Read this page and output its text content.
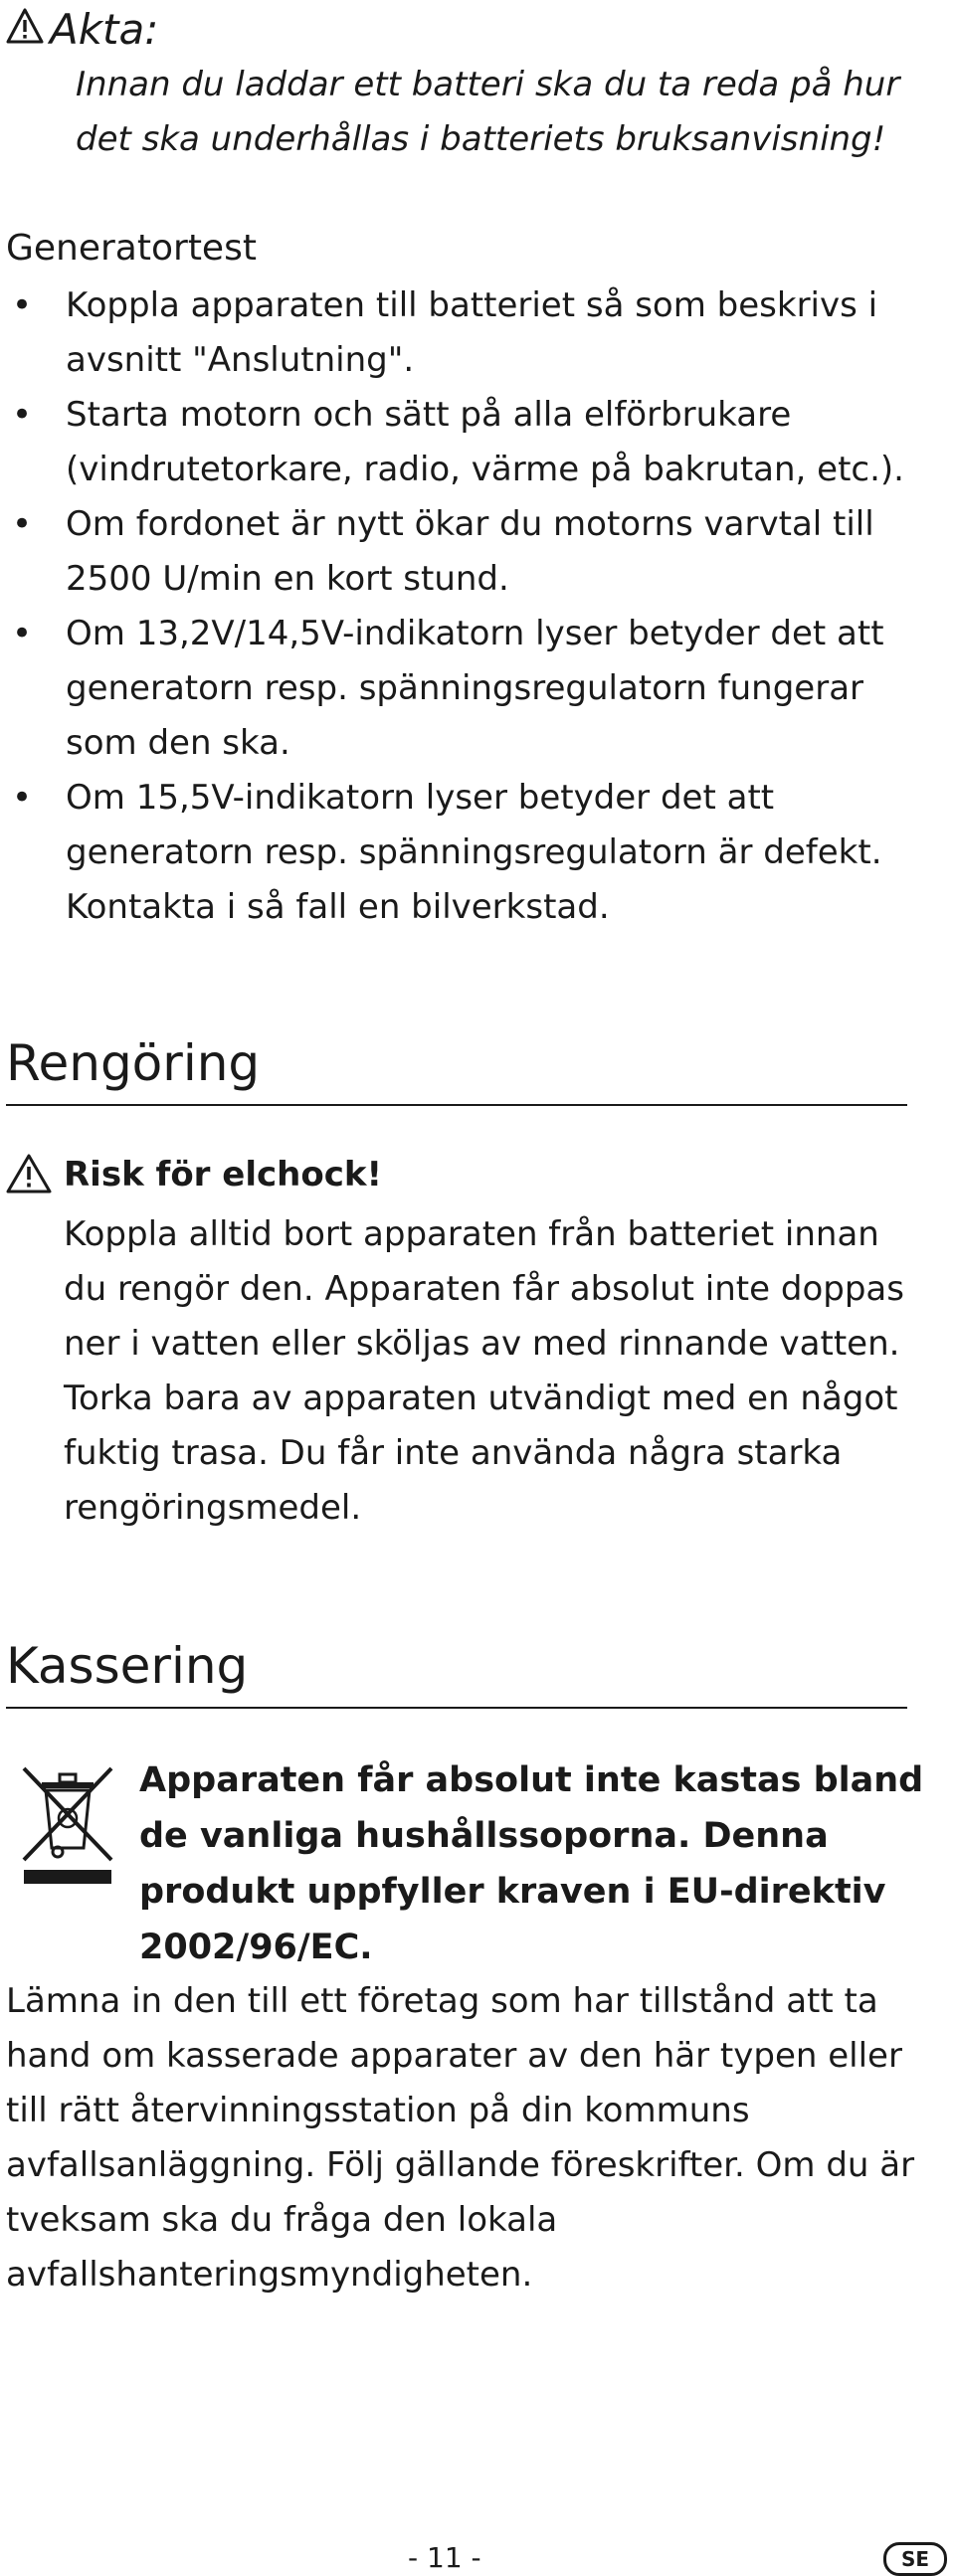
Akta:
Innan du laddar ett batteri ska du ta reda på hur det ska underhållas i batteriets bruksanvisning!
Generatortest
• Koppla apparaten till batteriet så som beskrivs i avsnitt "Anslutning".
• Starta motorn och sätt på alla elförbrukare (vindrutetorkare, radio, värme på bakrutan, etc.).
• Om fordonet är nytt ökar du motorns varvtal till 2500 U/min en kort stund.
• Om 13,2V/14,5V-indikatorn lyser betyder det att generatorn resp. spänningsregulatorn fungerar som den ska.
• Om 15,5V-indikatorn lyser betyder det att generatorn resp. spänningsregulatorn är defekt. Kontakta i så fall en bilverkstad.
Rengöring
Risk för elchock!
Koppla alltid bort apparaten från batteriet innan du rengör den. Apparaten får absolut inte doppas ner i vatten eller sköljas av med rinnande vatten. Torka bara av apparaten utvändigt med en något fuktig trasa. Du får inte använda några starka rengöringsmedel.
Kassering
Apparaten får absolut inte kastas bland de vanliga hushållssoporna. Denna produkt uppfyller kraven i EU-direktiv 2002/96/EC.
Lämna in den till ett företag som har tillstånd att ta hand om kasserade apparater av den här typen eller till rätt återvinningsstation på din kommuns avfallsanläggning. Följ gällande föreskrifter. Om du är tveksam ska du fråga den lokala avfallshanteringsmyndigheten.
- 11 -	SE
